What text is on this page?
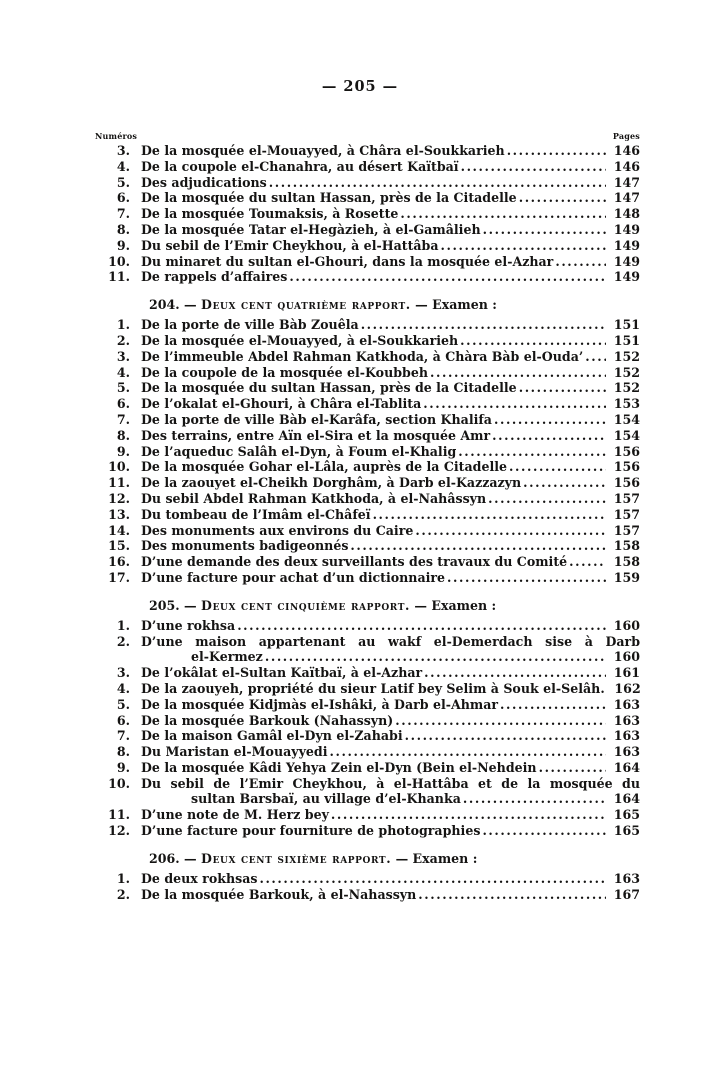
— 205 —
Numéros	Pages
3. De la mosquée el-Mouayyed, à Châra el-Soukkarieh .....	146
4. De la coupole el-Chanahra, au désert Kaïtbaï .....	146
5. Des adjudications .....	147
6. De la mosquée du sultan Hassan, près de la Citadelle .....	147
7. De la mosquée Toumaksis, à Rosette .....	148
8. De la mosquée Tatar el-Hegàzieh, à el-Gamâlieh .....	149
9. Du sebil de l’Emir Cheykhou, à el-Hattâba .....	149
10. Du minaret du sultan el-Ghouri, dans la mosquée el-Azhar .....	149
11. De rappels d’affaires .....	149
204. — Deux cent quatrième rapport. — Examen :
1. De la porte de ville Bàb Zouêla .....	151
2. De la mosquée el-Mouayyed, à el-Soukkarieh .....	151
3. De l’immeuble Abdel Rahman Katkhoda, à Chàra Bàb el-Ouda’ ..... 152
4. De la coupole de la mosquée el-Koubbeh .....	152
5. De la mosquée du sultan Hassan, près de la Citadelle .....	152
6. De l’okalat el-Ghouri, à Châra el-Tablita .....	153
7. De la porte de ville Bàb el-Karâfa, section Khalifa .....	154
8. Des terrains, entre Aïn el-Sira et la mosquée Amr .....	154
9. De l’aqueduc Salâh el-Dyn, à Foum el-Khalig .....	156
10. De la mosquée Gohar el-Lâla, auprès de la Citadelle .....	156
11. De la zaouyet el-Cheikh Dorghâm, à Darb el-Kazzazyn .....	156
12. Du sebil Abdel Rahman Katkhoda, à el-Nahâssyn .....	157
13. Du tombeau de l’Imâm el-Châfeï .....	157
14. Des monuments aux environs du Caire .....	157
15. Des monuments badigeonnés .....	158
16. D’une demande des deux surveillants des travaux du Comité .....	158
17. D’une facture pour achat d’un dictionnaire .....	159
205. — Deux cent cinquième rapport. — Examen :
1. D’une rokhsa .....	160
2. D’une maison appartenant au wakf el-Demerdach sise à Darb
el-Kermez .....	160
3. De l’okâlat el-Sultan Kaïtbaï, à el-Azhar .....	161
4. De la zaouyeh, propriété du sieur Latif bey Selim à Souk el-Selâh. 162
5. De la mosquée Kidjmàs el-Ishâki, à Darb el-Ahmar .....	163
6. De la mosquée Barkouk (Nahassyn) .....	163
7. De la maison Gamâl el-Dyn el-Zahabi .....	163
8. Du Maristan el-Mouayyedi .....	163
9. De la mosquée Kâdi Yehya Zein el-Dyn (Bein el-Nehdein .....	164
10. Du sebil de l’Emir Cheykhou, à el-Hattâba et de la mosquée du
sultan Barsbaï, au village d’el-Khanka .....	164
11. D’une note de M. Herz bey .....	165
12. D’une facture pour fourniture de photographies .....	165
206. — Deux cent sixième rapport. — Examen :
1. De deux rokhsas .....	163
2. De la mosquée Barkouk, à el-Nahassyn .....	167
